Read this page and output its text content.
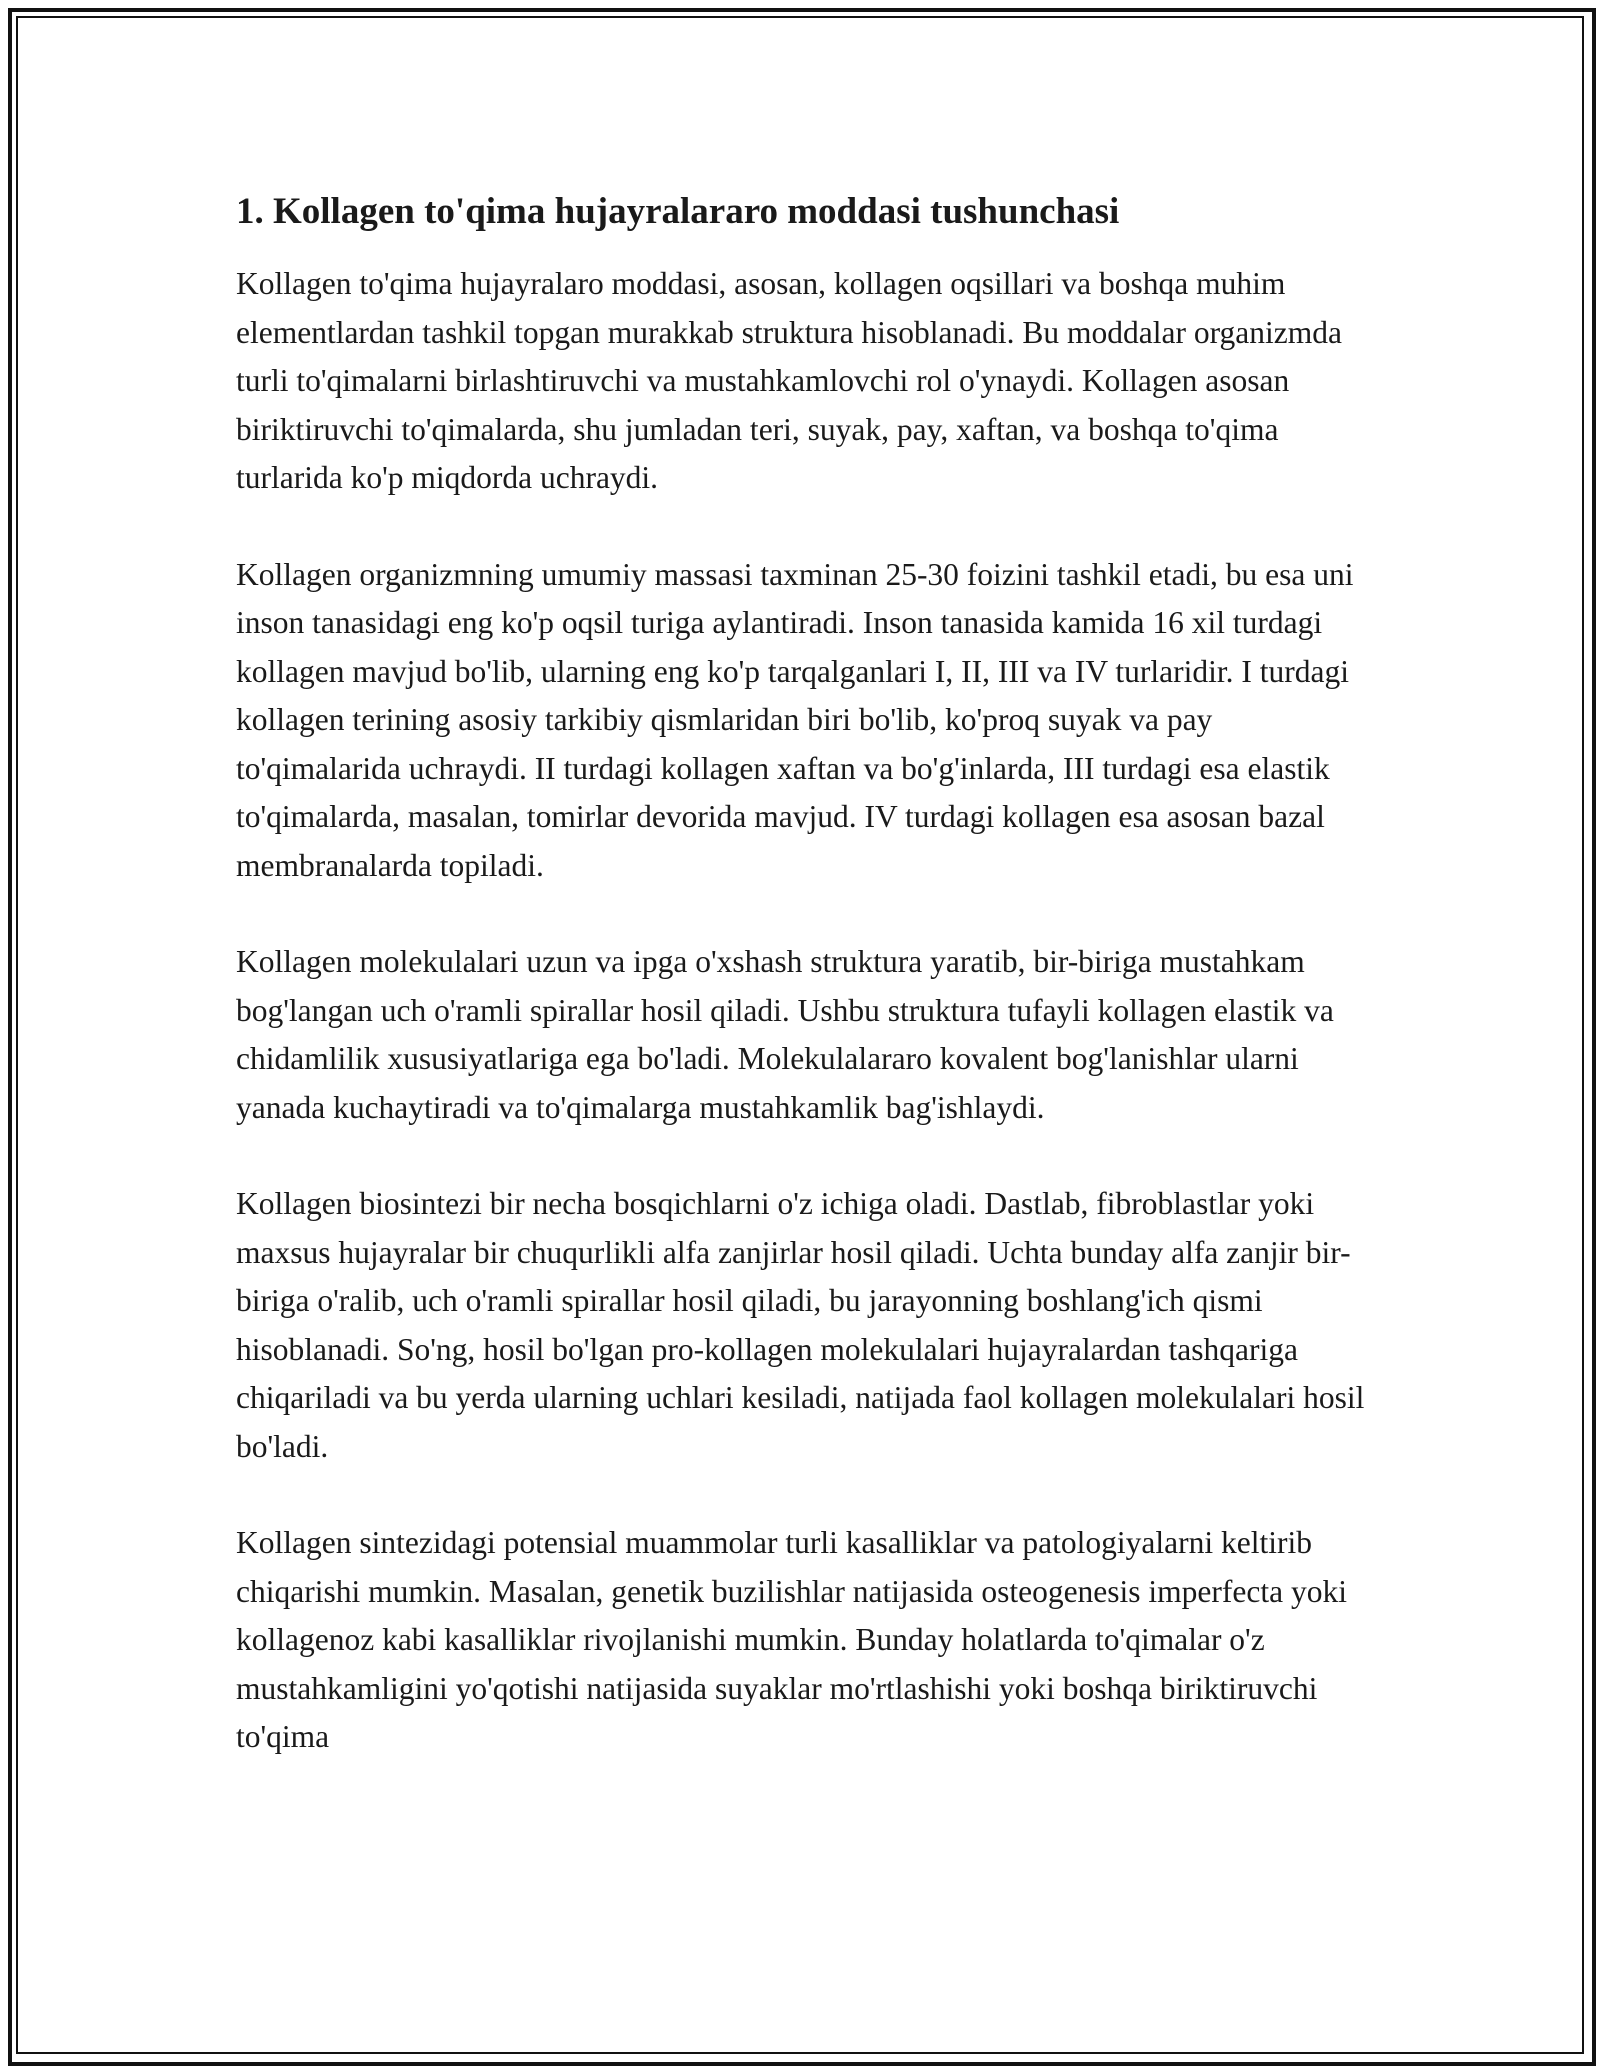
1. Kollagen to'qima hujayralararo moddasi tushunchasi

Kollagen to'qima hujayralaro moddasi, asosan, kollagen oqsillari va boshqa muhim elementlardan tashkil topgan murakkab struktura hisoblanadi. Bu moddalar organizmda turli to'qimalarni birlashtiruvchi va mustahkamlovchi rol o'ynaydi. Kollagen asosan biriktiruvchi to'qimalarda, shu jumladan teri, suyak, pay, xaftan, va boshqa to'qima turlarida ko'p miqdorda uchraydi.

Kollagen organizmning umumiy massasi taxminan 25-30 foizini tashkil etadi, bu esa uni inson tanasidagi eng ko'p oqsil turiga aylantiradi. Inson tanasida kamida 16 xil turdagi kollagen mavjud bo'lib, ularning eng ko'p tarqalganlari I, II, III va IV turlaridir. I turdagi kollagen terining asosiy tarkibiy qismlaridan biri bo'lib, ko'proq suyak va pay to'qimalarida uchraydi. II turdagi kollagen xaftan va bo'g'inlarda, III turdagi esa elastik to'qimalarda, masalan, tomirlar devorida mavjud. IV turdagi kollagen esa asosan bazal membranalarda topiladi.

Kollagen molekulalari uzun va ipga o'xshash struktura yaratib, bir-biriga mustahkam bog'langan uch o'ramli spirallar hosil qiladi. Ushbu struktura tufayli kollagen elastik va chidamlilik xususiyatlariga ega bo'ladi. Molekulalararo kovalent bog'lanishlar ularni yanada kuchaytiradi va to'qimalarga mustahkamlik bag'ishlaydi.

Kollagen biosintezi bir necha bosqichlarni o'z ichiga oladi. Dastlab, fibroblastlar yoki maxsus hujayralar bir chuqurlikli alfa zanjirlar hosil qiladi. Uchta bunday alfa zanjir bir-biriga o'ralib, uch o'ramli spirallar hosil qiladi, bu jarayonning boshlang'ich qismi hisoblanadi. So'ng, hosil bo'lgan pro-kollagen molekulalari hujayralardan tashqariga chiqariladi va bu yerda ularning uchlari kesiladi, natijada faol kollagen molekulalari hosil bo'ladi.

Kollagen sintezidagi potensial muammolar turli kasalliklar va patologiyalarni keltirib chiqarishi mumkin. Masalan, genetik buzilishlar natijasida osteogenesis imperfecta yoki kollagenoz kabi kasalliklar rivojlanishi mumkin. Bunday holatlarda to'qimalar o'z mustahkamligini yo'qotishi natijasida suyaklar mo'rtlashishi yoki boshqa biriktiruvchi to'qima
